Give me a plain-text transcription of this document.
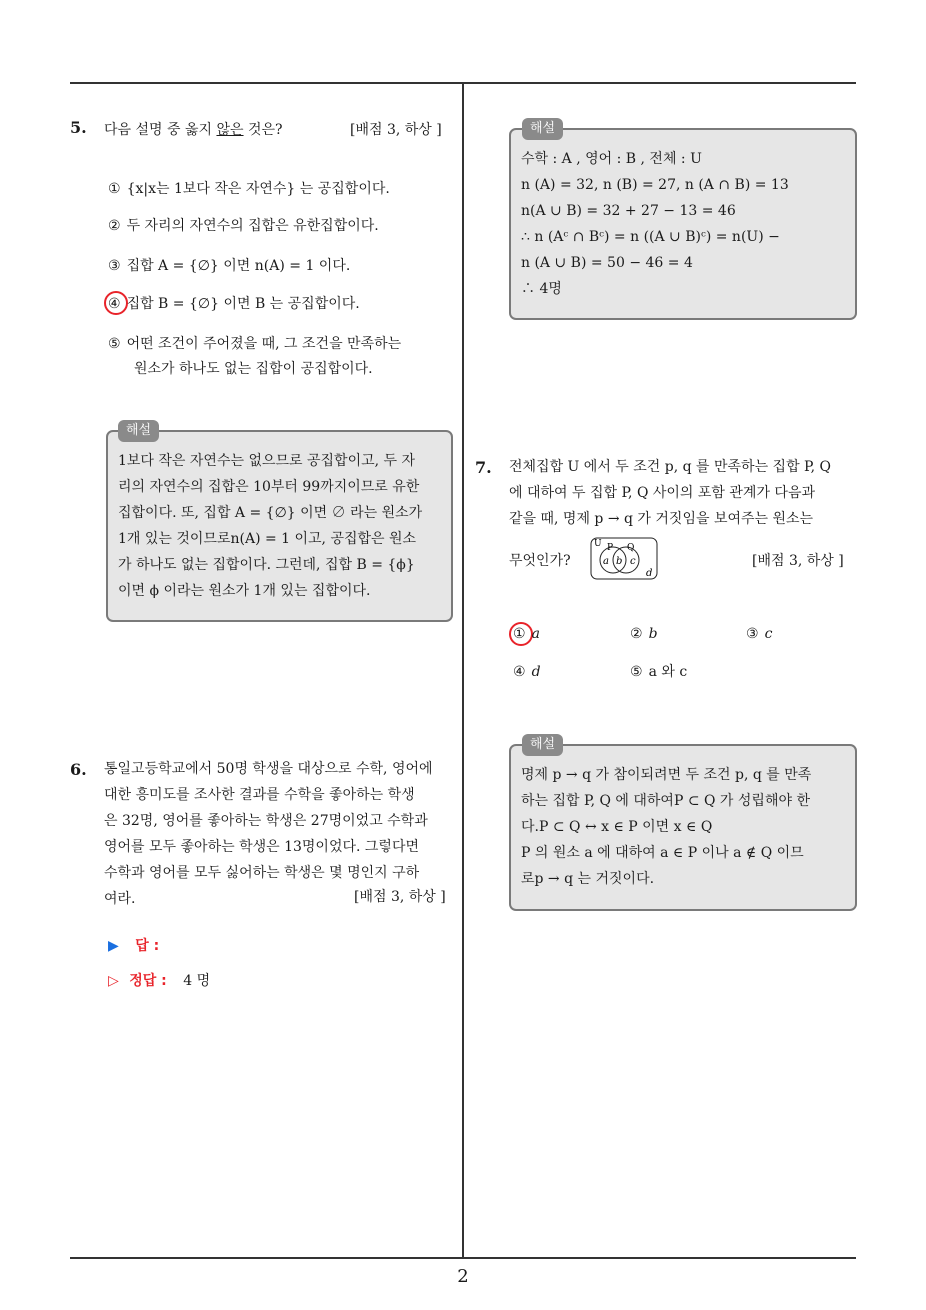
5. 다음 설명 중 옳지 않은 것은?	[배점 3, 하상 ]
① {x|x는 1보다 작은 자연수} 는 공집합이다.
② 두 자리의 자연수의 집합은 유한집합이다.
③ 집합 A = {∅} 이면 n(A) = 1 이다.
④ 집합 B = {∅} 이면 B 는 공집합이다.
⑤ 어떤 조건이 주어졌을 때, 그 조건을 만족하는
원소가 하나도 없는 집합이 공집합이다.
1보다 작은 자연수는 없으므로 공집합이고, 두 자
리의 자연수의 집합은 10부터 99까지이므로 유한
집합이다. 또, 집합 A = {∅} 이면 ∅ 라는 원소가
1개 있는 것이므로n(A) = 1 이고, 공집합은 원소
가 하나도 없는 집합이다. 그런데, 집합 B = {ϕ}
이면 ϕ 이라는 원소가 1개 있는 집합이다.
해설
6. 통일고등학교에서 50명 학생을 대상으로 수학, 영어에
대한 흥미도를 조사한 결과를 수학을 좋아하는 학생
은 32명, 영어를 좋아하는 학생은 27명이었고 수학과
영어를 모두 좋아하는 학생은 13명이었다. 그렇다면
수학과 영어를 모두 싫어하는 학생은 몇 명인지 구하
여라.	[배점 3, 하상 ]
▶ 답 :
▷ 정답 : 4 명
수학 : A , 영어 : B , 전체 : U
n (A) = 32, n (B) = 27, n (A ∩ B) = 13
n(A ∪ B) = 32 + 27 − 13 = 46
∴ n (Aᶜ ∩ Bᶜ) = n ((A ∪ B)ᶜ) = n(U) −
n (A ∪ B) = 50 − 46 = 4
∴ 4명
해설
7. 전체집합 U 에서 두 조건 p, q 를 만족하는 집합 P, Q
에 대하여 두 집합 P, Q 사이의 포함 관계가 다음과
같을 때, 명제 p → q 가 거짓임을 보여주는 원소는
무엇인가?
U P Q
a b c
d
[배점 3, 하상 ]
① a	② b	③ c
④ d	⑤ a 와 c
명제 p → q 가 참이되려면 두 조건 p, q 를 만족
하는 집합 P, Q 에 대하여P ⊂ Q 가 성립해야 한
다.P ⊂ Q ↔ x ∈ P 이면 x ∈ Q
P 의 원소 a 에 대하여 a ∈ P 이나 a ∉ Q 이므
로p → q 는 거짓이다.
해설
2
